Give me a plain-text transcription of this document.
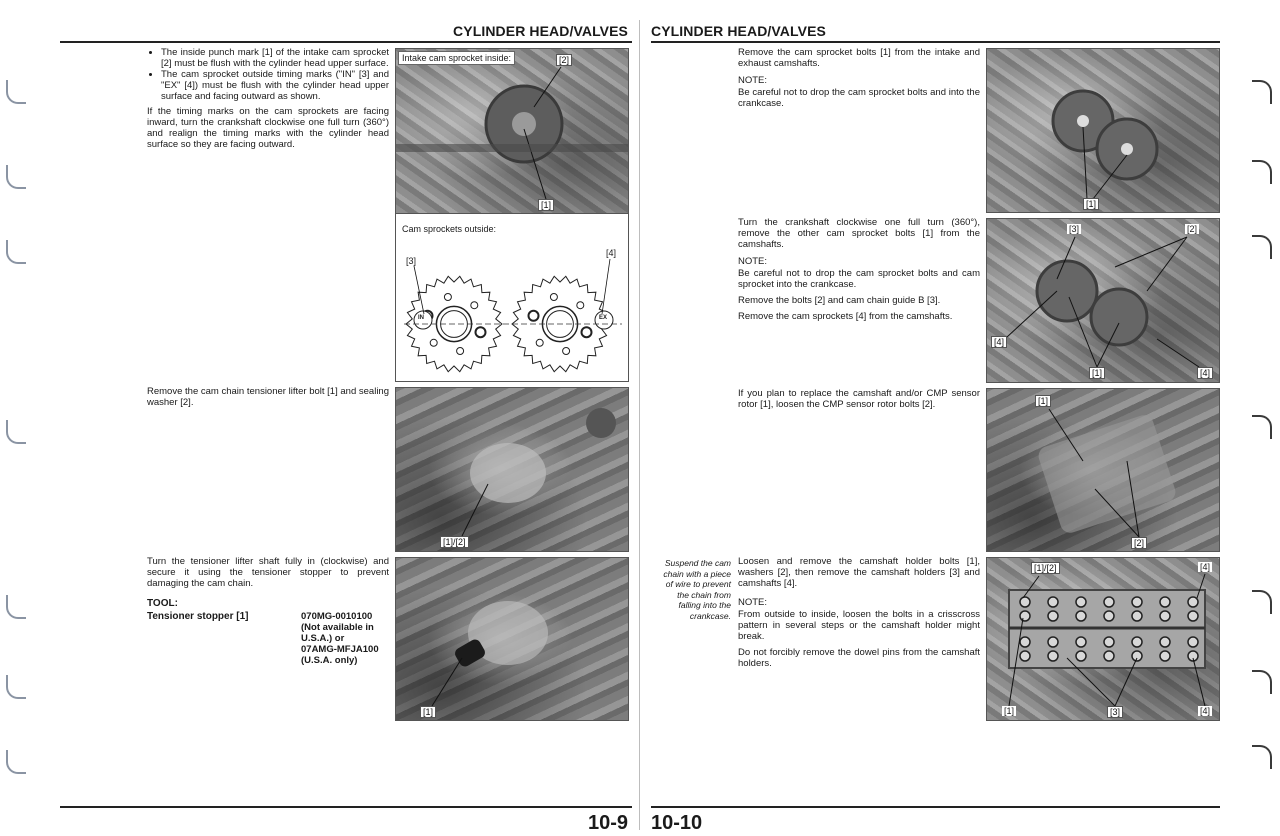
CYLINDER HEAD/VALVES
• The inside punch mark [1] of the intake cam sprocket [2] must be flush with the cylinder head upper surface.
• The cam sprocket outside timing marks ("IN" [3] and "EX" [4]) must be flush with the cylinder head upper surface and facing outward as shown.
If the timing marks on the cam sprockets are facing inward, turn the crankshaft clockwise one full turn (360°) and realign the timing marks with the cylinder head surface so they are facing outward.
Intake cam sprocket inside:	[2]
[1]
Cam sprockets outside:
[3]
[4]
IN	EX
Remove the cam chain tensioner lifter bolt [1] and sealing washer [2].
[1]/[2]
Turn the tensioner lifter shaft fully in (clockwise) and secure it using the tensioner stopper to prevent damaging the cam chain.
TOOL:
Tensioner stopper [1]	070MG-0010100
(Not available in
U.S.A.) or
07AMG-MFJA100
(U.S.A. only)
[1]
10-9
CYLINDER HEAD/VALVES
Remove the cam sprocket bolts [1] from the intake and exhaust camshafts.
NOTE:
Be careful not to drop the cam sprocket bolts and into the crankcase.
[1]
Turn the crankshaft clockwise one full turn (360°), remove the other cam sprocket bolts [1] from the camshafts.
NOTE:
Be careful not to drop the cam sprocket bolts and cam sprocket into the crankcase.
Remove the bolts [2] and cam chain guide B [3].
Remove the cam sprockets [4] from the camshafts.
[3]	[2]
[4]
[1]	[4]
If you plan to replace the camshaft and/or CMP sensor rotor [1], loosen the CMP sensor rotor bolts [2].	[1]
[2]
Suspend the cam chain with a piece of wire to prevent the chain from falling into the crankcase.
Loosen and remove the camshaft holder bolts [1], washers [2], then remove the camshaft holders [3] and camshafts [4].
NOTE:
From outside to inside, loosen the bolts in a crisscross pattern in several steps or the camshaft holder might break.
Do not forcibly remove the dowel pins from the camshaft holders.
[1]/[2]	[4]
[1]	[3]	[4]
10-10
